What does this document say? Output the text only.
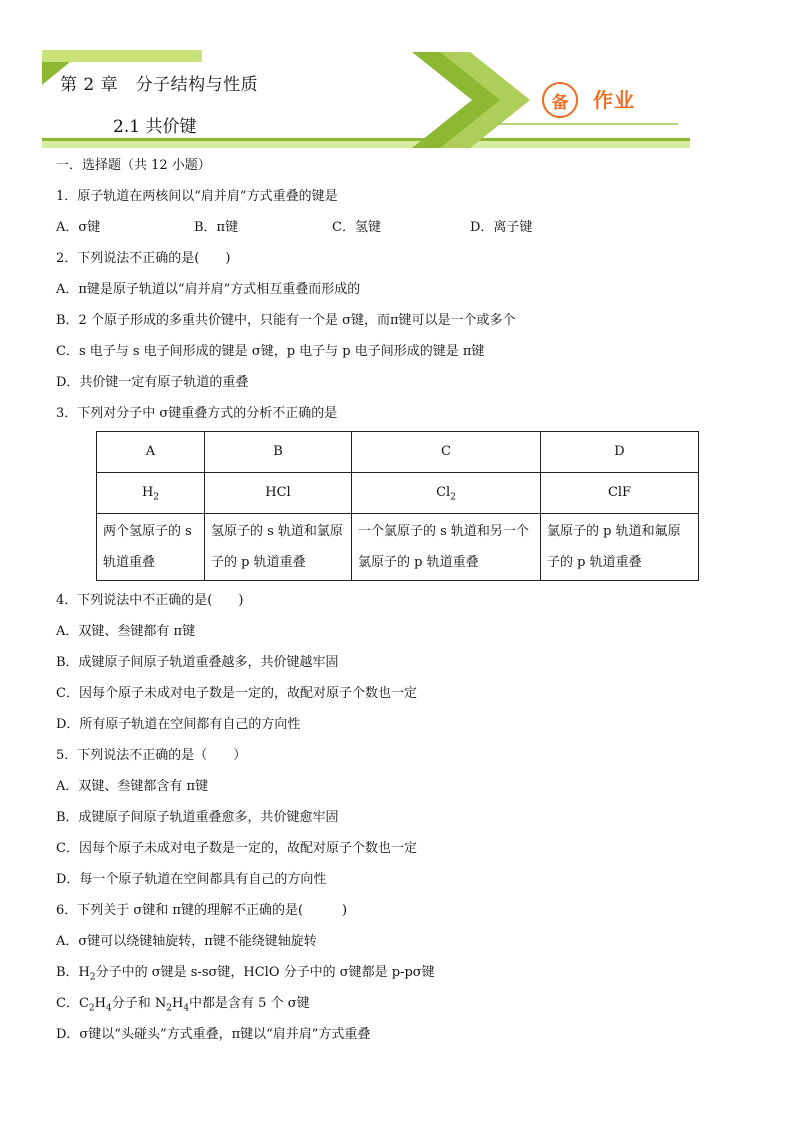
第 2 章　分子结构与性质
2.1 共价键
备	作业
一．选择题（共 12 小题）
1．原子轨道在两核间以“肩并肩”方式重叠的键是
A．σ键	B．π键	C．氢键	D．离子键
2．下列说法不正确的是(　　)
A．π键是原子轨道以“肩并肩”方式相互重叠而形成的
B．2 个原子形成的多重共价键中，只能有一个是 σ键，而π键可以是一个或多个
C．s 电子与 s 电子间形成的键是 σ键，p 电子与 p 电子间形成的键是 π键
D．共价键一定有原子轨道的重叠
3．下列对分子中 σ键重叠方式的分析不正确的是
A	B	C	D
$H_2$	HCl	$Cl_2$	ClF
两个氢原子的 s 轨道重叠	氢原子的 s 轨道和氯原子的 p 轨道重叠	一个氯原子的 s 轨道和另一个氯原子的 p 轨道重叠	氯原子的 p 轨道和氟原子的 p 轨道重叠
4．下列说法中不正确的是(　　)
A．双键、叁键都有 π键
B．成键原子间原子轨道重叠越多，共价键越牢固
C．因每个原子未成对电子数是一定的，故配对原子个数也一定
D．所有原子轨道在空间都有自己的方向性
5．下列说法不正确的是（　　）
A．双键、叁键都含有 π键
B．成键原子间原子轨道重叠愈多，共价键愈牢固
C．因每个原子未成对电子数是一定的，故配对原子个数也一定
D．每一个原子轨道在空间都具有自己的方向性
6．下列关于 σ键和 π键的理解不正确的是(　　　)
A．σ键可以绕键轴旋转，π键不能绕键轴旋转
B．$H_2$分子中的 σ键是 s-sσ键，HClO 分子中的 σ键都是 p-pσ键
C．$C_2H_4$分子和 $N_2H_4$中都是含有 5 个 σ键
D．σ键以“头碰头”方式重叠，π键以“肩并肩”方式重叠
